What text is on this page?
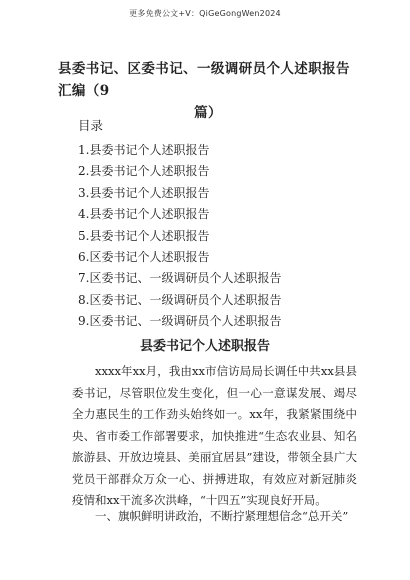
更多免费公文+V：QiGeGongWen2024
县委书记、区委书记、一级调研员个人述职报告汇编（9
篇）
目录
1.县委书记个人述职报告
2.县委书记个人述职报告
3.县委书记个人述职报告
4.县委书记个人述职报告
5.县委书记个人述职报告
6.区委书记个人述职报告
7.区委书记、一级调研员个人述职报告
8.区委书记、一级调研员个人述职报告
9.区委书记、一级调研员个人述职报告
县委书记个人述职报告

xxxx年xx月，我由xx市信访局局长调任中共xx县县委书记，尽管职位发生变化，但一心一意谋发展、竭尽全力惠民生的工作劲头始终如一。xx年，我紧紧围绕中央、省市委工作部署要求，加快推进“生态农业县、知名旅游县、开放边境县、美丽宜居县”建设，带领全县广大党员干部群众万众一心、拼搏进取，有效应对新冠肺炎疫情和xx干流多次洪峰，“十四五”实现良好开局。

一、旗帜鲜明讲政治，不断拧紧理想信念“总开关”
